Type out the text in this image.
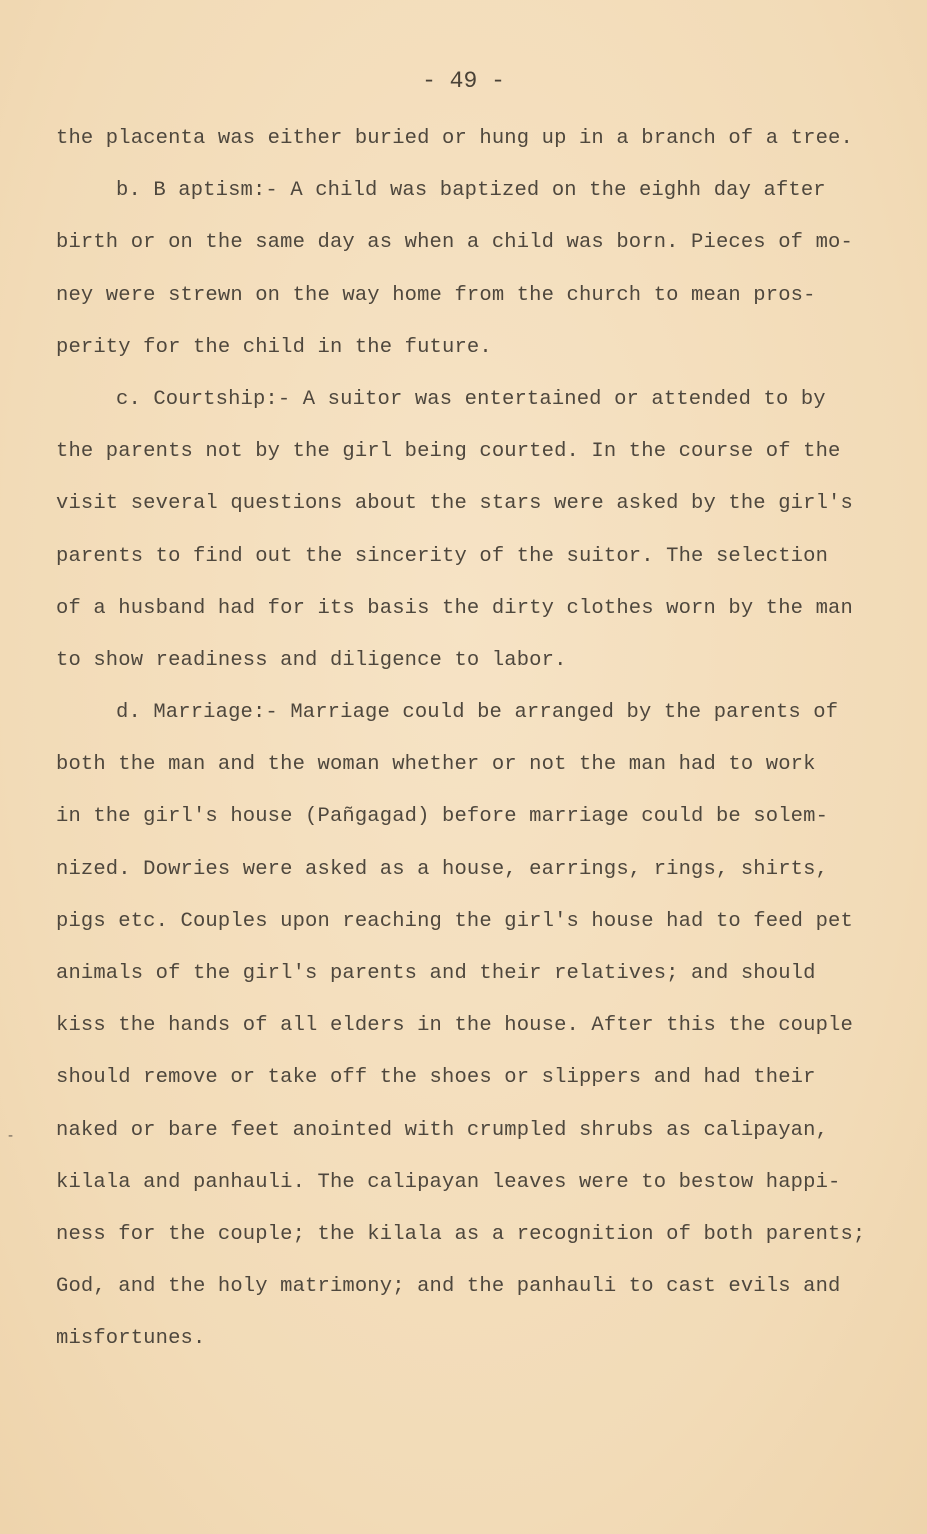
- 49 -
-
the placenta was either buried or hung up in a branch of a tree.
b. B aptism:- A child was baptized on the eighh day after
birth or on the same day as when a child was born. Pieces of mo-
ney were strewn on the way home from the church to mean pros-
perity for the child in the future.
c. Courtship:- A suitor was entertained or attended to by
the parents not by the girl being courted. In the course of the
visit several questions about the stars were asked by the girl's
parents to find out the sincerity of the suitor. The selection
of a husband had for its basis the dirty clothes worn by the man
to show readiness and diligence to labor.
d. Marriage:- Marriage could be arranged by the parents of
both the man and the woman whether or not the man had to work
in the girl's house (Pañgagad) before marriage could be solem-
nized. Dowries were asked as a house, earrings, rings, shirts,
pigs etc. Couples upon reaching the girl's house had to feed pet
animals of the girl's parents and their relatives; and should
kiss the hands of all elders in the house. After this the couple
should remove or take off the shoes or slippers and had their
naked or bare feet anointed with crumpled shrubs as calipayan,
kilala and panhauli. The calipayan leaves were to bestow happi-
ness for the couple; the kilala as a recognition of both parents;
God, and the holy matrimony; and the panhauli to cast evils and
misfortunes.
